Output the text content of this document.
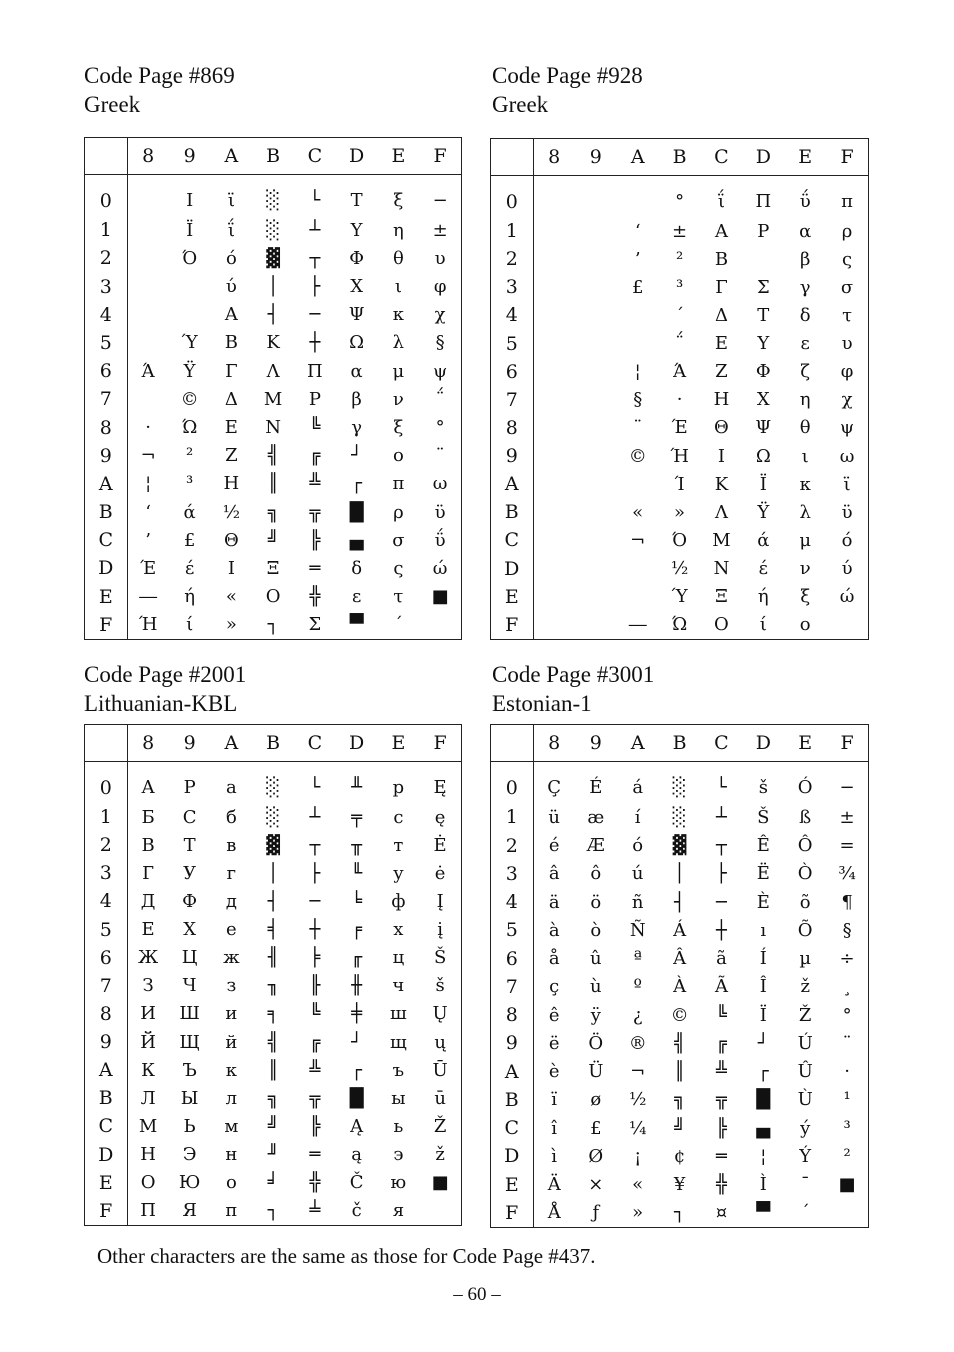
Code Page #869
Greek
	8	9	A	B	C	D	E	F
0		Ι	ϊ	░	└	Τ	ξ	−
1		Ϊ	ΐ	░	┴	Υ	η	±
2		Ό	ό	▓	┬	Φ	θ	υ
3			ύ	│	├	Χ	ι	φ
4			Α	┤	─	Ψ	κ	χ
5		Ύ	Β	Κ	┼	Ω	λ	§
6	Ά	Ϋ	Γ	Λ	Π	α	μ	ψ
7		©	Δ	Μ	Ρ	β	ν	΅
8	·	Ώ	Ε	Ν	╚	γ	ξ	°
9	¬	²	Ζ	╣	╔	┘	ο	¨
A	¦	³	Η	║	╩	┌	π	ω
B	‘	ά	½	╗	╦	█	ρ	ϋ
C	’	£	Θ	╝	╠	▄	σ	ΰ
D	Έ	έ	Ι	Ξ	═	δ	ς	ώ
E	―	ή	«	Ο	╬	ε	τ	■
F	Ή	ί	»	┐	Σ	▀	΄	
Code Page #928
Greek
	8	9	A	B	C	D	E	F
0				°	ΐ	Π	ΰ	π
1			‘	±	Α	Ρ	α	ρ
2			’	²	Β		β	ς
3			£	³	Γ	Σ	γ	σ
4				΄	Δ	Τ	δ	τ
5				΅	Ε	Υ	ε	υ
6			¦	Ά	Ζ	Φ	ζ	φ
7			§	·	Η	Χ	η	χ
8			¨	Έ	Θ	Ψ	θ	ψ
9			©	Ή	Ι	Ω	ι	ω
A				Ί	Κ	Ϊ	κ	ϊ
B			«	»	Λ	Ϋ	λ	ϋ
C			¬	Ό	Μ	ά	μ	ό
D				½	Ν	έ	ν	ύ
E				Ύ	Ξ	ή	ξ	ώ
F			―	Ώ	Ο	ί	ο	
Code Page #2001
Lithuanian-KBL
	8	9	A	B	C	D	E	F
0	А	Р	а	░	└	╨	р	Ę
1	Б	С	б	░	┴	╤	с	ę
2	В	Т	в	▓	┬	╥	т	Ė
3	Г	У	г	│	├	╙	у	ė
4	Д	Ф	д	┤	─	╘	ф	Į
5	Е	Х	е	╡	┼	╒	х	į
6	Ж	Ц	ж	╢	╞	╓	ц	Š
7	З	Ч	з	╖	╟	╫	ч	š
8	И	Ш	и	╕	╚	╪	ш	Ų
9	Й	Щ	й	╣	╔	┘	щ	ų
A	К	Ъ	к	║	╩	┌	ъ	Ū
B	Л	Ы	л	╗	╦	█	ы	ū
C	М	Ь	м	╝	╠	Ą	ь	Ž
D	Н	Э	н	╜	═	ą	э	ž
E	О	Ю	о	╛	╬	Č	ю	■
F	П	Я	п	┐	╧	č	я	
Code Page #3001
Estonian-1
	8	9	A	B	C	D	E	F
0	Ç	É	á	░	└	š	Ó	−
1	ü	æ	í	░	┴	Š	ß	±
2	é	Æ	ó	▓	┬	Ê	Ô	=
3	â	ô	ú	│	├	Ë	Ò	¾
4	ä	ö	ñ	┤	─	È	õ	¶
5	à	ò	Ñ	Á	┼	ı	Õ	§
6	å	û	ª	Â	ã	Í	µ	÷
7	ç	ù	º	À	Ã	Î	ž	¸
8	ê	ÿ	¿	©	╚	Ï	Ž	°
9	ë	Ö	®	╣	╔	┘	Ú	¨
A	è	Ü	¬	║	╩	┌	Û	·
B	ï	ø	½	╗	╦	█	Ù	¹
C	î	£	¼	╝	╠	▄	ý	³
D	ì	Ø	¡	¢	═	¦	Ý	²
E	Ä	×	«	¥	╬	Ì	¯	■
F	Å	ƒ	»	┐	¤	▀	´	
Other characters are the same as those for Code Page #437.
– 60 –
